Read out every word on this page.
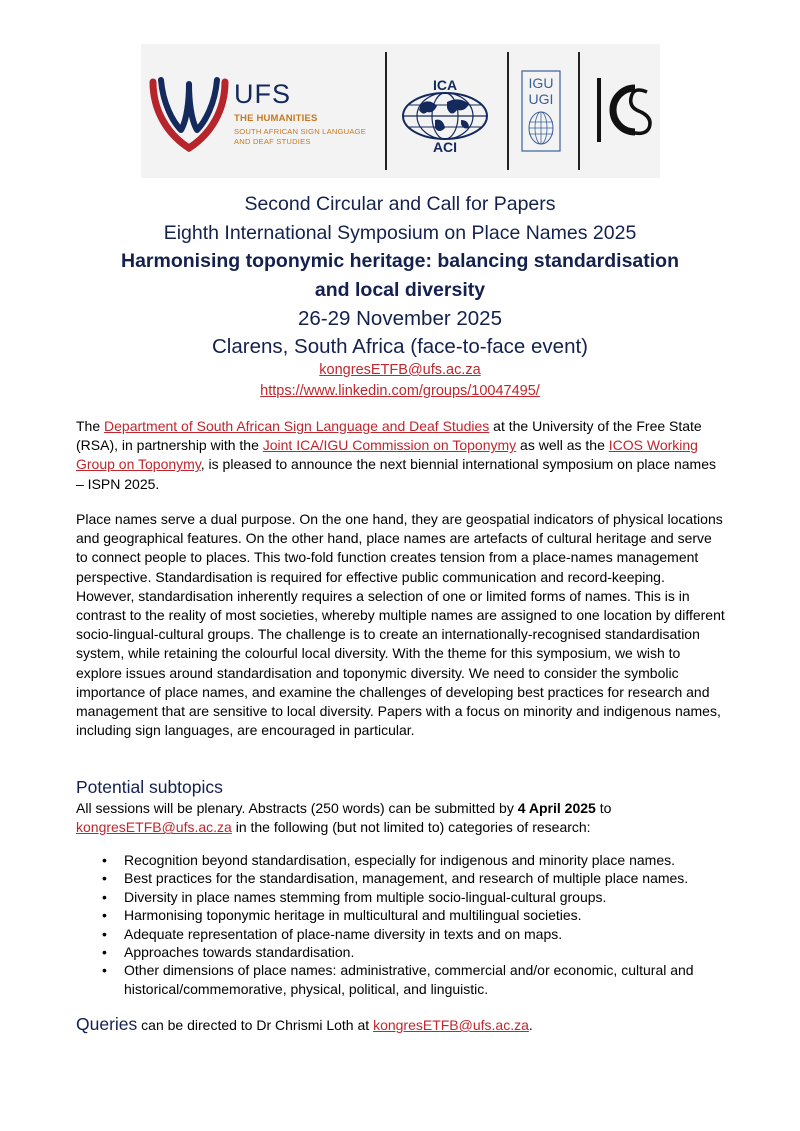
UFS
THE HUMANITIES
SOUTH AFRICAN SIGN LANGUAGE
AND DEAF STUDIES
ICA
ACI
IGU
UGI
Second Circular and Call for Papers
Eighth International Symposium on Place Names 2025
Harmonising toponymic heritage: balancing standardisation
and local diversity
26-29 November 2025
Clarens, South Africa (face-to-face event)
kongresETFB@ufs.ac.za
https://www.linkedin.com/groups/10047495/
The Department of South African Sign Language and Deaf Studies at the University of the Free State (RSA), in partnership with the Joint ICA/IGU Commission on Toponymy as well as the ICOS Working Group on Toponymy, is pleased to announce the next biennial international symposium on place names – ISPN 2025.
Place names serve a dual purpose. On the one hand, they are geospatial indicators of physical locations and geographical features. On the other hand, place names are artefacts of cultural heritage and serve to connect people to places. This two-fold function creates tension from a place-names management perspective. Standardisation is required for effective public communication and record-keeping. However, standardisation inherently requires a selection of one or limited forms of names. This is in contrast to the reality of most societies, whereby multiple names are assigned to one location by different socio-lingual-cultural groups. The challenge is to create an internationally-recognised standardisation system, while retaining the colourful local diversity. With the theme for this symposium, we wish to explore issues around standardisation and toponymic diversity. We need to consider the symbolic importance of place names, and examine the challenges of developing best practices for research and management that are sensitive to local diversity. Papers with a focus on minority and indigenous names, including sign languages, are encouraged in particular.
Potential subtopics
All sessions will be plenary. Abstracts (250 words) can be submitted by 4 April 2025 to
kongresETFB@ufs.ac.za in the following (but not limited to) categories of research:
• Recognition beyond standardisation, especially for indigenous and minority place names.
• Best practices for the standardisation, management, and research of multiple place names.
• Diversity in place names stemming from multiple socio-lingual-cultural groups.
• Harmonising toponymic heritage in multicultural and multilingual societies.
• Adequate representation of place-name diversity in texts and on maps.
• Approaches towards standardisation.
• Other dimensions of place names: administrative, commercial and/or economic, cultural and historical/commemorative, physical, political, and linguistic.
Queries can be directed to Dr Chrismi Loth at kongresETFB@ufs.ac.za.
